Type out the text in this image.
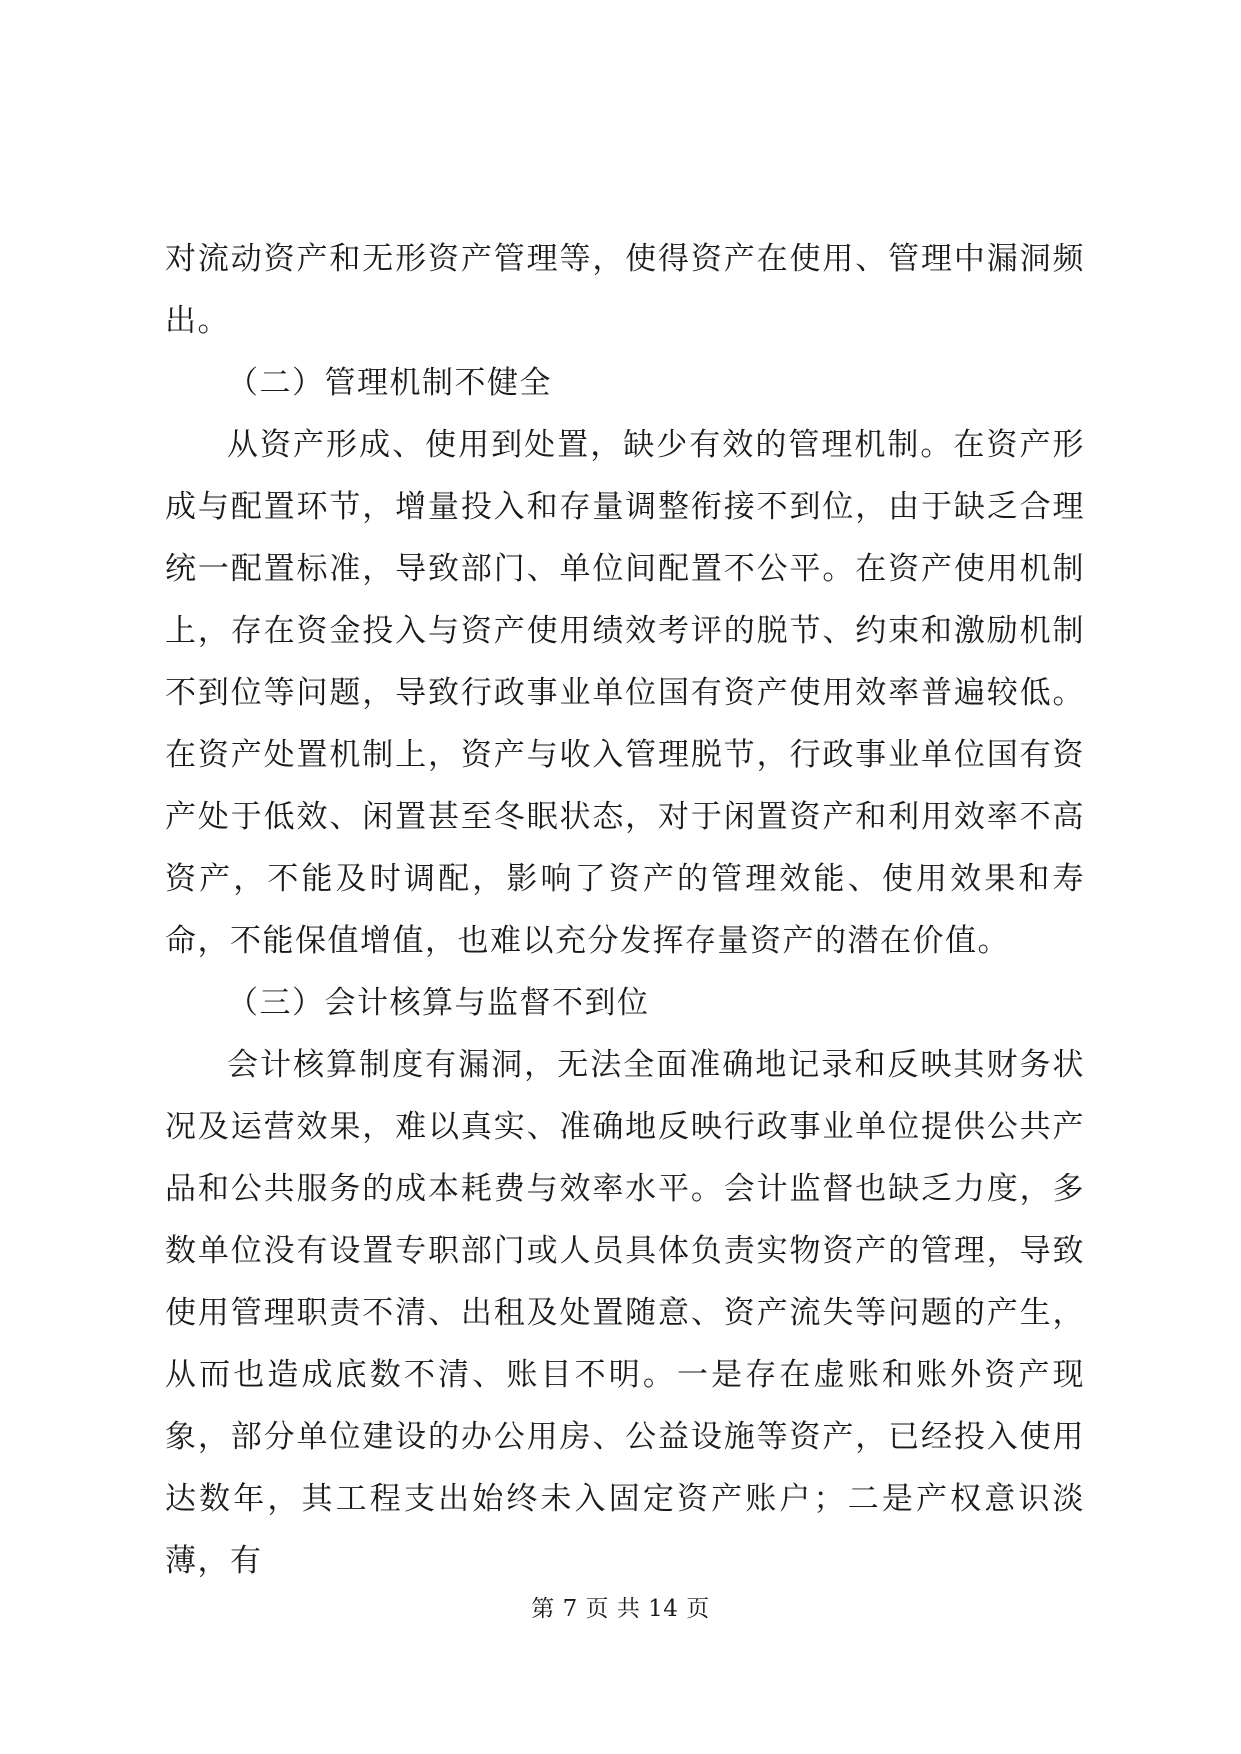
对流动资产和无形资产管理等，使得资产在使用、管理中漏洞频出。

（二）管理机制不健全

从资产形成、使用到处置，缺少有效的管理机制。在资产形成与配置环节，增量投入和存量调整衔接不到位，由于缺乏合理统一配置标准，导致部门、单位间配置不公平。在资产使用机制上，存在资金投入与资产使用绩效考评的脱节、约束和激励机制不到位等问题，导致行政事业单位国有资产使用效率普遍较低。在资产处置机制上，资产与收入管理脱节，行政事业单位国有资产处于低效、闲置甚至冬眠状态，对于闲置资产和利用效率不高资产，不能及时调配，影响了资产的管理效能、使用效果和寿命，不能保值增值，也难以充分发挥存量资产的潜在价值。

（三）会计核算与监督不到位

会计核算制度有漏洞，无法全面准确地记录和反映其财务状况及运营效果，难以真实、准确地反映行政事业单位提供公共产品和公共服务的成本耗费与效率水平。会计监督也缺乏力度，多数单位没有设置专职部门或人员具体负责实物资产的管理，导致使用管理职责不清、出租及处置随意、资产流失等问题的产生，从而也造成底数不清、账目不明。一是存在虚账和账外资产现象，部分单位建设的办公用房、公益设施等资产，已经投入使用达数年，其工程支出始终未入固定资产账户；二是产权意识淡薄，有

第 7 页 共 14 页
